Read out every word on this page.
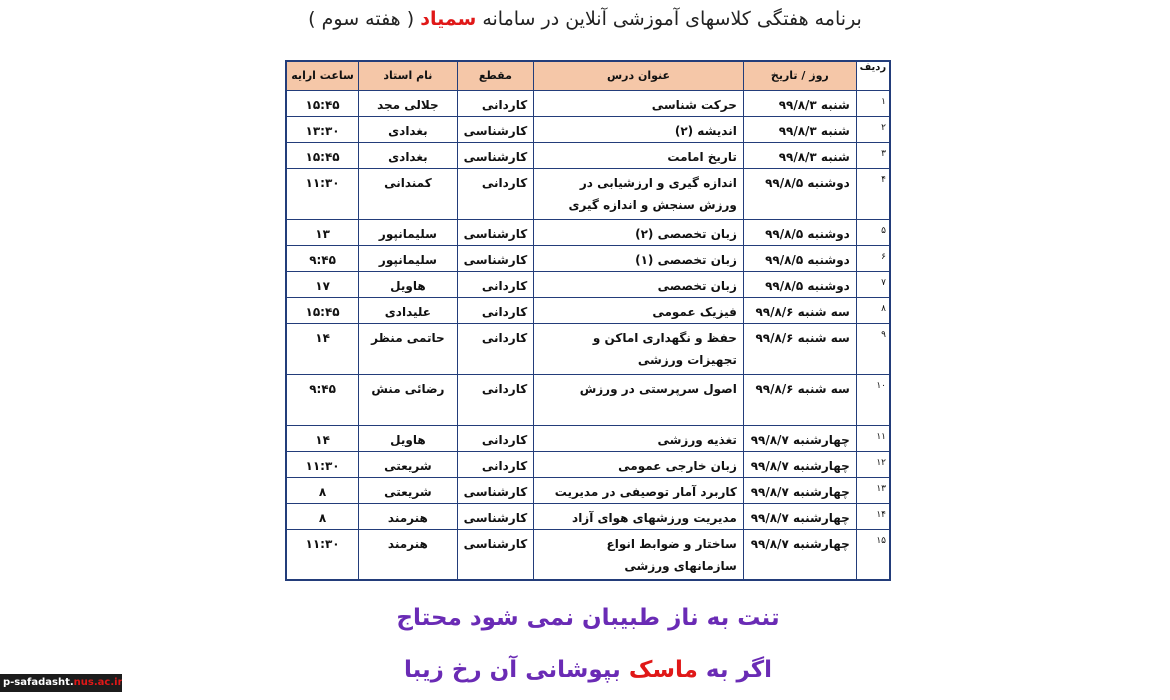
برنامه هفتگی کلاسهای آموزشی آنلاین در سامانه سمیاد ( هفته سوم )
ردیف	روز / تاریخ	عنوان درس	مقطع	نام استاد	ساعت ارایه
۱	شنبه ۹۹/۸/۳	حرکت شناسی	کاردانی	جلالی مجد	۱۵:۴۵
۲	شنبه ۹۹/۸/۳	اندیشه (۲)	کارشناسی	بغدادی	۱۳:۳۰
۳	شنبه ۹۹/۸/۳	تاریخ امامت	کارشناسی	بغدادی	۱۵:۴۵
۴	دوشنبه ۹۹/۸/۵	اندازه گیری و ارزشیابی در ورزش سنجش و اندازه گیری	کاردانی	کمندانی	۱۱:۳۰
۵	دوشنبه ۹۹/۸/۵	زبان تخصصی (۲)	کارشناسی	سلیمانپور	۱۳
۶	دوشنبه ۹۹/۸/۵	زبان تخصصی (۱)	کارشناسی	سلیمانپور	۹:۴۵
۷	دوشنبه ۹۹/۸/۵	زبان تخصصی	کاردانی	هاویل	۱۷
۸	سه شنبه ۹۹/۸/۶	فیزیک عمومی	کاردانی	علیدادی	۱۵:۴۵
۹	سه شنبه ۹۹/۸/۶	حفظ و نگهداری اماکن و تجهیزات ورزشی	کاردانی	حاتمی منظر	۱۴
۱۰	سه شنبه ۹۹/۸/۶	اصول سرپرستی در ورزش	کاردانی	رضائی منش	۹:۴۵
۱۱	چهارشنبه ۹۹/۸/۷	تغذیه ورزشی	کاردانی	هاویل	۱۴
۱۲	چهارشنبه ۹۹/۸/۷	زبان خارجی عمومی	کاردانی	شریعتی	۱۱:۳۰
۱۳	چهارشنبه ۹۹/۸/۷	کاربرد آمار توصیفی در مدیریت	کارشناسی	شریعتی	۸
۱۴	چهارشنبه ۹۹/۸/۷	مدیریت ورزشهای هوای آزاد	کارشناسی	هنرمند	۸
۱۵	چهارشنبه ۹۹/۸/۷	ساختار و ضوابط انواع سازمانهای ورزشی	کارشناسی	هنرمند	۱۱:۳۰
تنت به ناز طبیبان نمی شود محتاج
اگر به ماسک بپوشانی آن رخ زیبا
p-safadasht.nus.ac.ir
